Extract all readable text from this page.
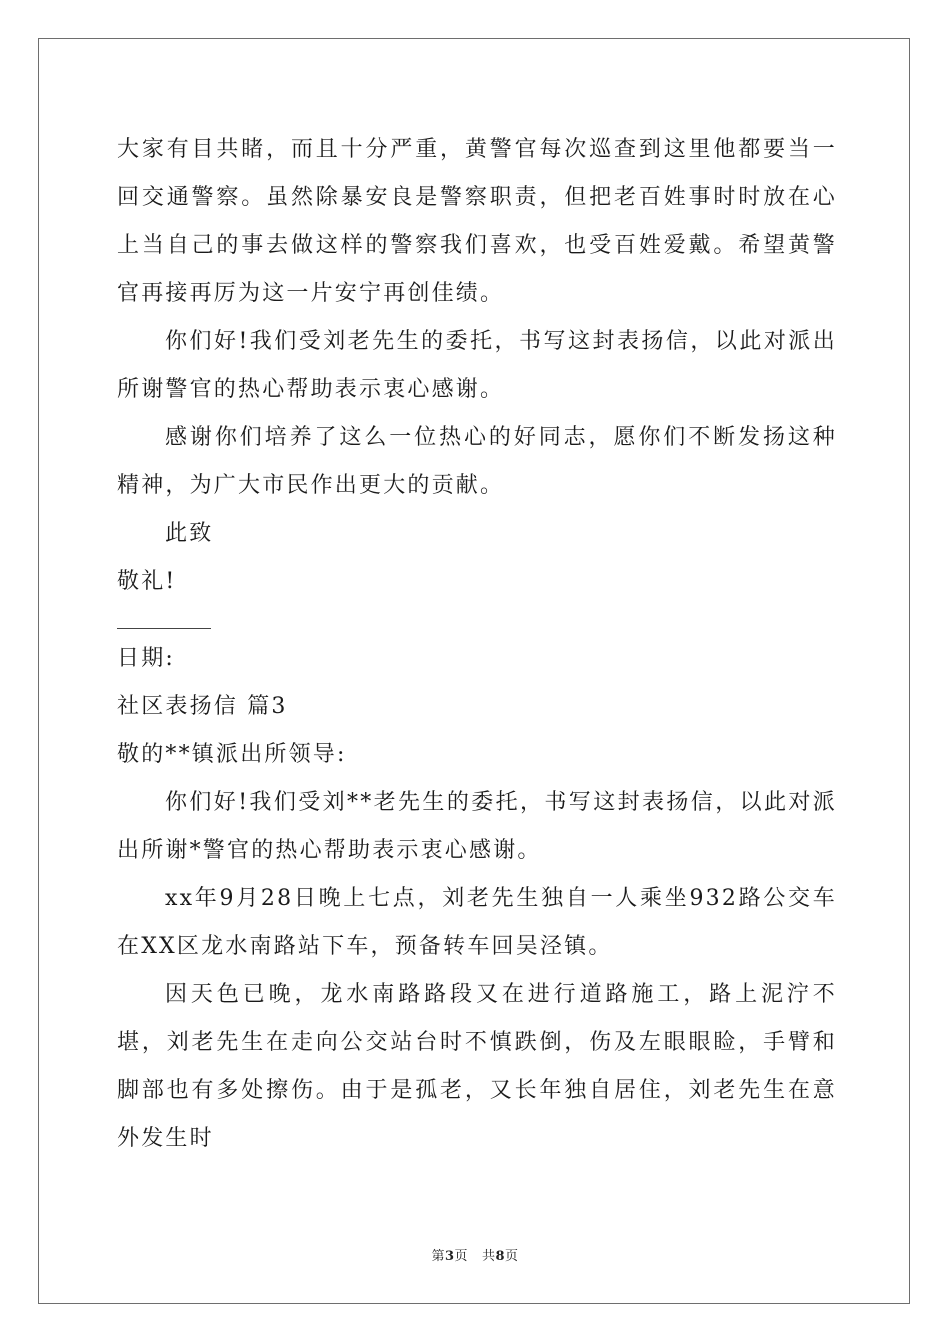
大家有目共睹，而且十分严重，黄警官每次巡查到这里他都要当一回交通警察。虽然除暴安良是警察职责，但把老百姓事时时放在心上当自己的事去做这样的警察我们喜欢，也受百姓爱戴。希望黄警官再接再厉为这一片安宁再创佳绩。

你们好!我们受刘老先生的委托，书写这封表扬信，以此对派出所谢警官的热心帮助表示衷心感谢。

感谢你们培养了这么一位热心的好同志，愿你们不断发扬这种精神，为广大市民作出更大的贡献。

此致

敬礼!

日期:

社区表扬信 篇3

敬的**镇派出所领导:

你们好!我们受刘**老先生的委托，书写这封表扬信，以此对派出所谢*警官的热心帮助表示衷心感谢。

xx年9月28日晚上七点，刘老先生独自一人乘坐932路公交车在XX区龙水南路站下车，预备转车回吴泾镇。

因天色已晚，龙水南路路段又在进行道路施工，路上泥泞不堪，刘老先生在走向公交站台时不慎跌倒，伤及左眼眼睑，手臂和脚部也有多处擦伤。由于是孤老，又长年独自居住，刘老先生在意外发生时

第3页 共8页
